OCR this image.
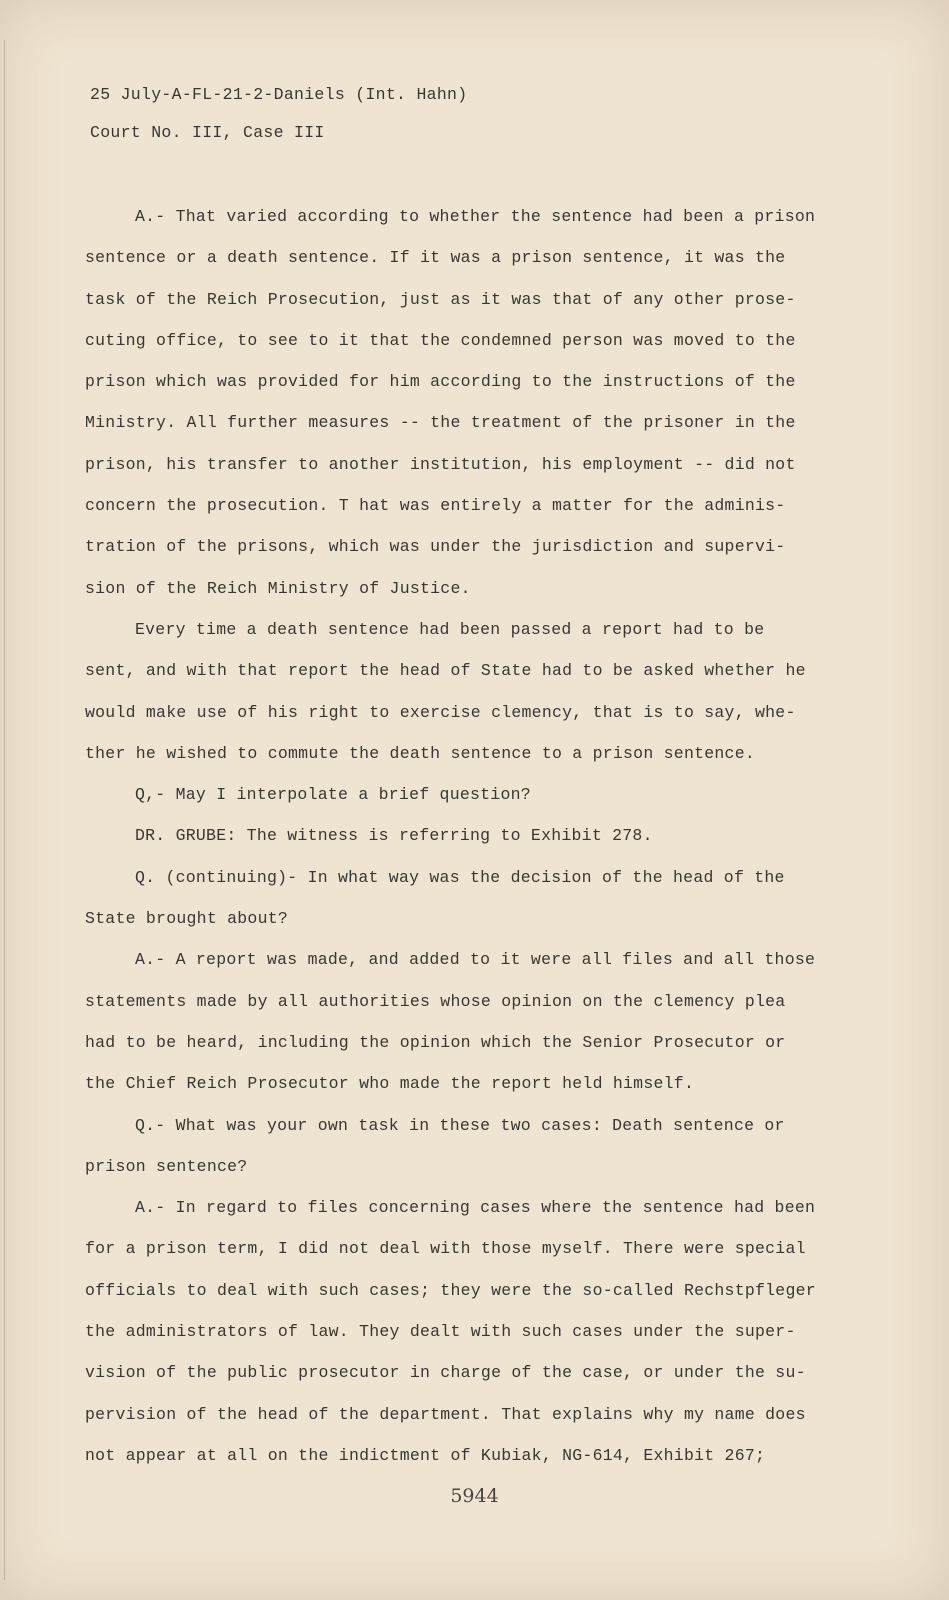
25 July-A-FL-21-2-Daniels (Int. Hahn)
Court No. III, Case III
A.- That varied according to whether the sentence had been a prison
sentence or a death sentence. If it was a prison sentence, it was the
task of the Reich Prosecution, just as it was that of any other prose-
cuting office, to see to it that the condemned person was moved to the
prison which was provided for him according to the instructions of the
Ministry. All further measures -- the treatment of the prisoner in the
prison, his transfer to another institution, his employment -- did not
concern the prosecution. T hat was entirely a matter for the adminis-
tration of the prisons, which was under the jurisdiction and supervi-
sion of the Reich Ministry of Justice.
Every time a death sentence had been passed a report had to be
sent, and with that report the head of State had to be asked whether he
would make use of his right to exercise clemency, that is to say, whe-
ther he wished to commute the death sentence to a prison sentence.
Q,- May I interpolate a brief question?
DR. GRUBE: The witness is referring to Exhibit 278.
Q. (continuing)- In what way was the decision of the head of the
State brought about?
A.- A report was made, and added to it were all files and all those
statements made by all authorities whose opinion on the clemency plea
had to be heard, including the opinion which the Senior Prosecutor or
the Chief Reich Prosecutor who made the report held himself.
Q.- What was your own task in these two cases: Death sentence or
prison sentence?
A.- In regard to files concerning cases where the sentence had been
for a prison term, I did not deal with those myself. There were special
officials to deal with such cases; they were the so-called Rechstpfleger
the administrators of law. They dealt with such cases under the super-
vision of the public prosecutor in charge of the case, or under the su-
pervision of the head of the department. That explains why my name does
not appear at all on the indictment of Kubiak, NG-614, Exhibit 267;
5944
